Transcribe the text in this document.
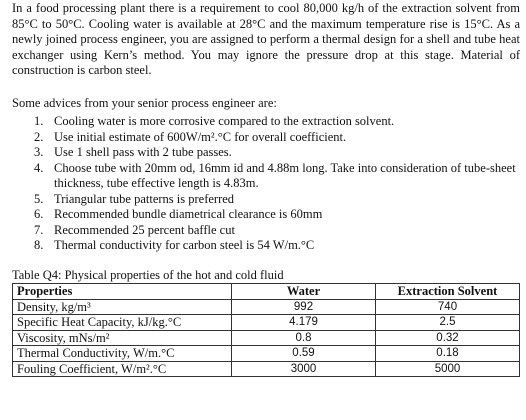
In a food processing plant there is a requirement to cool 80,000 kg/h of the extraction solvent from 85°C to 50°C. Cooling water is available at 28°C and the maximum temperature rise is 15°C. As a newly joined process engineer, you are assigned to perform a thermal design for a shell and tube heat exchanger using Kern’s method. You may ignore the pressure drop at this stage. Material of construction is carbon steel.

Some advices from your senior process engineer are:

1. Cooling water is more corrosive compared to the extraction solvent.
2. Use initial estimate of 600W/m².°C for overall coefficient.
3. Use 1 shell pass with 2 tube passes.
4. Choose tube with 20mm od, 16mm id and 4.88m long. Take into consideration of tube-sheet thickness, tube effective length is 4.83m.
5. Triangular tube patterns is preferred
6. Recommended bundle diametrical clearance is 60mm
7. Recommended 25 percent baffle cut
8. Thermal conductivity for carbon steel is 54 W/m.°C
Table Q4: Physical properties of the hot and cold fluid
Properties	Water	Extraction Solvent
Density, kg/m³	992	740
Specific Heat Capacity, kJ/kg.°C	4.179	2.5
Viscosity, mNs/m²	0.8	0.32
Thermal Conductivity, W/m.°C	0.59	0.18
Fouling Coefficient, W/m².°C	3000	5000
